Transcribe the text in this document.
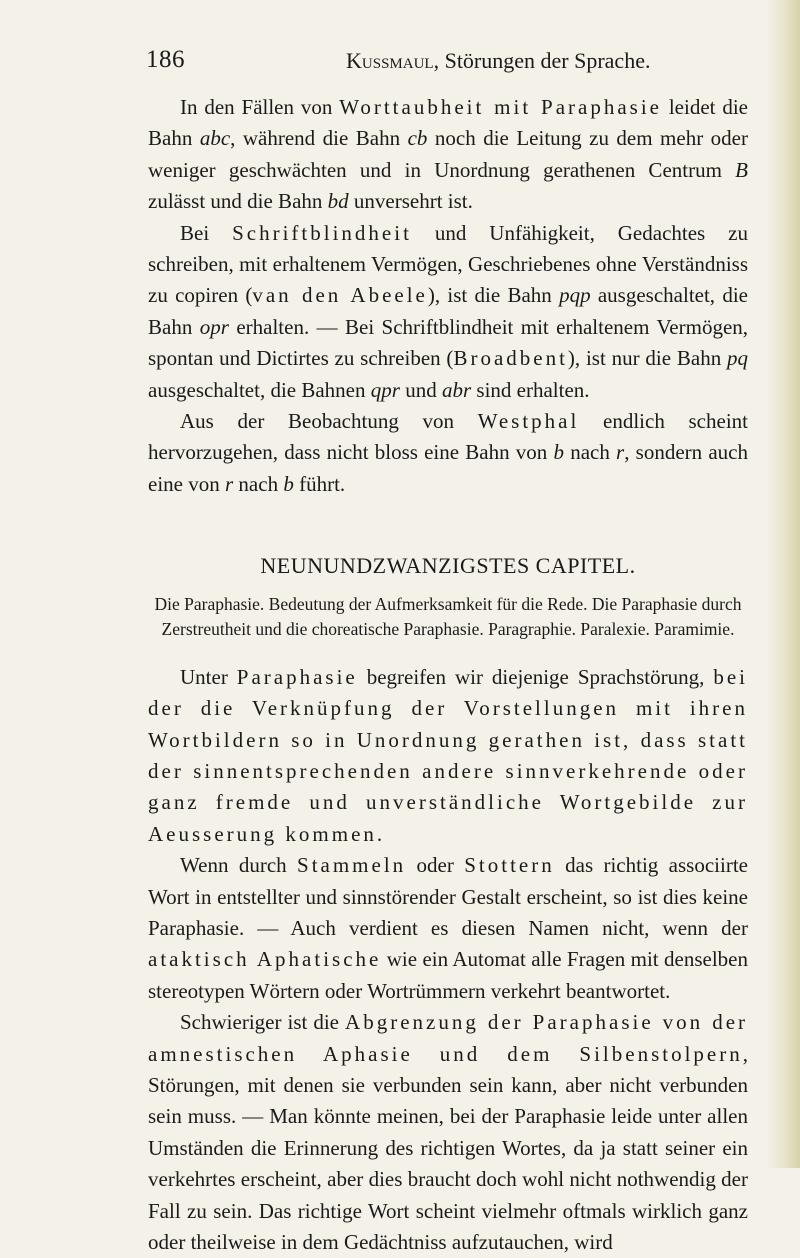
186	Kussmaul, Störungen der Sprache.

In den Fällen von Worttaubheit mit Paraphasie leidet die Bahn abc, während die Bahn cb noch die Leitung zu dem mehr oder weniger geschwächten und in Unordnung gerathenen Centrum B zulässt und die Bahn bd unversehrt ist.

Bei Schriftblindheit und Unfähigkeit, Gedachtes zu schreiben, mit erhaltenem Vermögen, Geschriebenes ohne Verständniss zu copiren (van den Abeele), ist die Bahn pqp ausgeschaltet, die Bahn opr erhalten. — Bei Schriftblindheit mit erhaltenem Vermögen, spontan und Dictirtes zu schreiben (Broadbent), ist nur die Bahn pq ausgeschaltet, die Bahnen qpr und abr sind erhalten.

Aus der Beobachtung von Westphal endlich scheint hervorzugehen, dass nicht bloss eine Bahn von b nach r, sondern auch eine von r nach b führt.

NEUNUNDZWANZIGSTES CAPITEL.
Die Paraphasie. Bedeutung der Aufmerksamkeit für die Rede. Die Paraphasie durch Zerstreutheit und die choreatische Paraphasie. Paragraphie. Paralexie. Paramimie.

Unter Paraphasie begreifen wir diejenige Sprachstörung, bei der die Verknüpfung der Vorstellungen mit ihren Wortbildern so in Unordnung gerathen ist, dass statt der sinnentsprechenden andere sinnverkehrende oder ganz fremde und unverständliche Wortgebilde zur Aeusserung kommen.

Wenn durch Stammeln oder Stottern das richtig associirte Wort in entstellter und sinnstörender Gestalt erscheint, so ist dies keine Paraphasie. — Auch verdient es diesen Namen nicht, wenn der ataktisch Aphatische wie ein Automat alle Fragen mit denselben stereotypen Wörtern oder Wortrümmern verkehrt beantwortet.

Schwieriger ist die Abgrenzung der Paraphasie von der amnestischen Aphasie und dem Silbenstolpern, Störungen, mit denen sie verbunden sein kann, aber nicht verbunden sein muss. — Man könnte meinen, bei der Paraphasie leide unter allen Umständen die Erinnerung des richtigen Wortes, da ja statt seiner ein verkehrtes erscheint, aber dies braucht doch wohl nicht nothwendig der Fall zu sein. Das richtige Wort scheint vielmehr oftmals wirklich ganz oder theilweise in dem Gedächtniss aufzutauchen, wird
